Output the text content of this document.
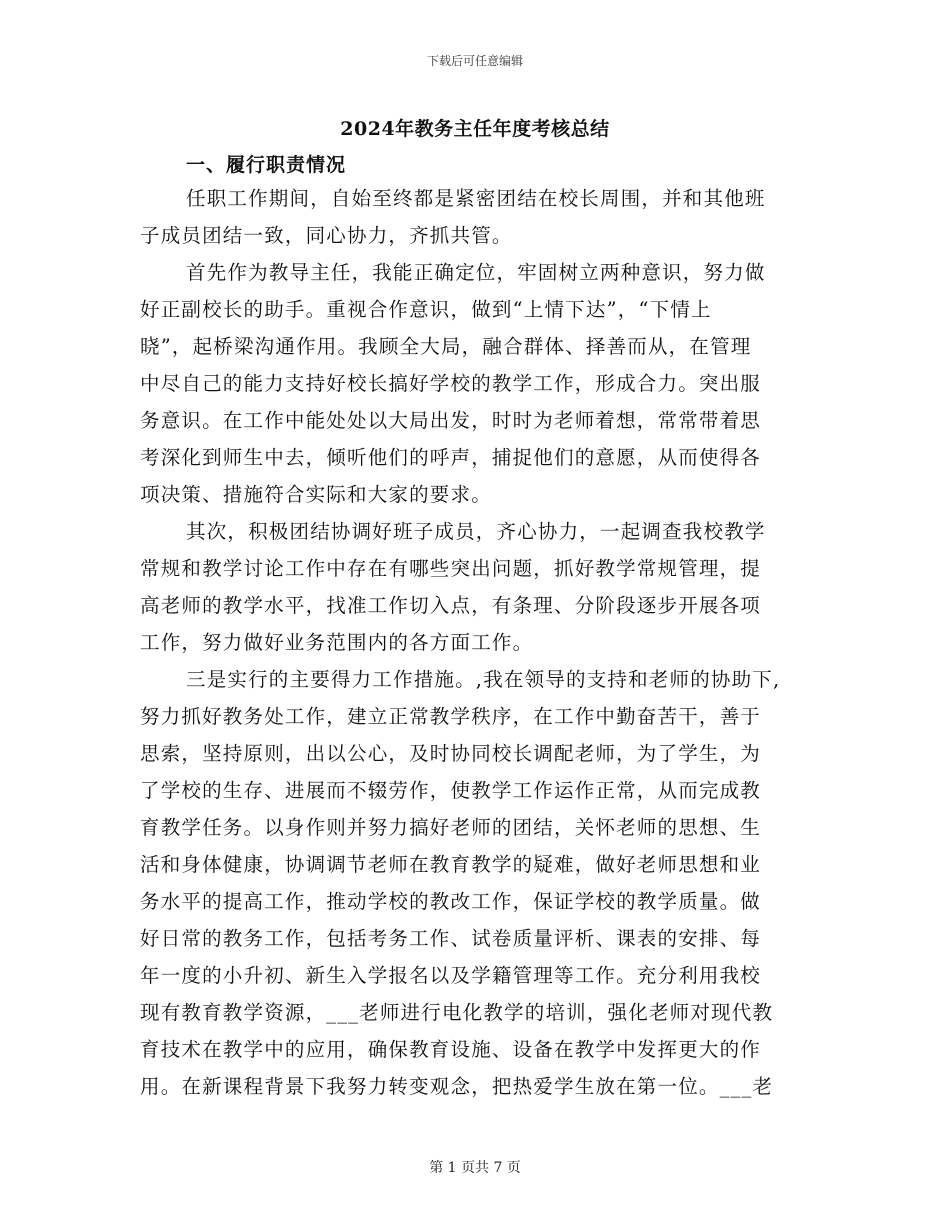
下载后可任意编辑
2024年教务主任年度考核总结
一、履行职责情况
任职工作期间，自始至终都是紧密团结在校长周围，并和其他班
子成员团结一致，同心协力，齐抓共管。
首先作为教导主任，我能正确定位，牢固树立两种意识，努力做
好正副校长的助手。重视合作意识，做到“上情下达”，“下情上
晓”，起桥梁沟通作用。我顾全大局，融合群体、择善而从，在管理
中尽自己的能力支持好校长搞好学校的教学工作，形成合力。突出服
务意识。在工作中能处处以大局出发，时时为老师着想，常常带着思
考深化到师生中去，倾听他们的呼声，捕捉他们的意愿，从而使得各
项决策、措施符合实际和大家的要求。
其次，积极团结协调好班子成员，齐心协力，一起调查我校教学
常规和教学讨论工作中存在有哪些突出问题，抓好教学常规管理，提
高老师的教学水平，找准工作切入点，有条理、分阶段逐步开展各项
工作，努力做好业务范围内的各方面工作。
三是实行的主要得力工作措施。,我在领导的支持和老师的协助下,
努力抓好教务处工作，建立正常教学秩序，在工作中勤奋苦干，善于
思索，坚持原则，出以公心，及时协同校长调配老师，为了学生，为
了学校的生存、进展而不辍劳作，使教学工作运作正常，从而完成教
育教学任务。以身作则并努力搞好老师的团结，关怀老师的思想、生
活和身体健康，协调调节老师在教育教学的疑难，做好老师思想和业
务水平的提高工作，推动学校的教改工作，保证学校的教学质量。做
好日常的教务工作，包括考务工作、试卷质量评析、课表的安排、每
年一度的小升初、新生入学报名以及学籍管理等工作。充分利用我校
现有教育教学资源，___老师进行电化教学的培训，强化老师对现代教
育技术在教学中的应用，确保教育设施、设备在教学中发挥更大的作
用。在新课程背景下我努力转变观念，把热爱学生放在第一位。___老
第 1 页共 7 页
